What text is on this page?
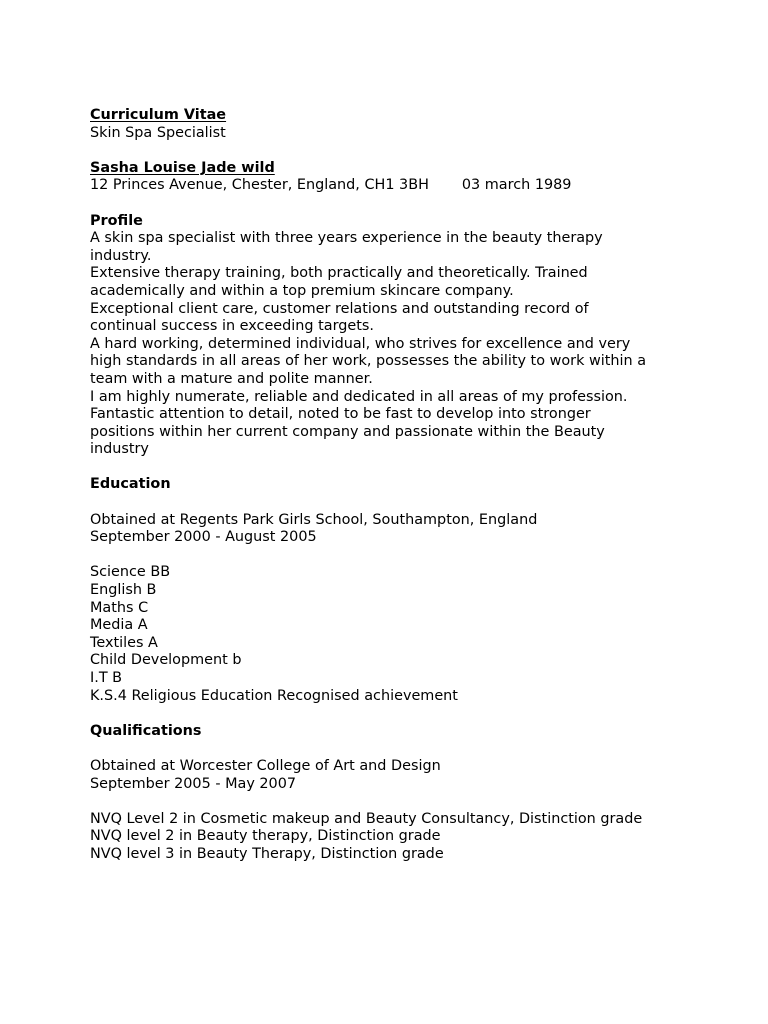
Curriculum Vitae
Skin Spa Specialist
Sasha Louise Jade wild
12 Princes Avenue, Chester, England, CH1 3BH 03 march 1989
Profile
A skin spa specialist with three years experience in the beauty therapy
industry.
Extensive therapy training, both practically and theoretically. Trained
academically and within a top premium skincare company.
Exceptional client care, customer relations and outstanding record of
continual success in exceeding targets.
A hard working, determined individual, who strives for excellence and very
high standards in all areas of her work, possesses the ability to work within a
team with a mature and polite manner.
I am highly numerate, reliable and dedicated in all areas of my profession.
Fantastic attention to detail, noted to be fast to develop into stronger
positions within her current company and passionate within the Beauty
industry
Education
Obtained at Regents Park Girls School, Southampton, England
September 2000 - August 2005
Science BB
English B
Maths C
Media A
Textiles A
Child Development b
I.T B
K.S.4 Religious Education Recognised achievement
Qualifications
Obtained at Worcester College of Art and Design
September 2005 - May 2007
NVQ Level 2 in Cosmetic makeup and Beauty Consultancy, Distinction grade
NVQ level 2 in Beauty therapy, Distinction grade
NVQ level 3 in Beauty Therapy, Distinction grade
